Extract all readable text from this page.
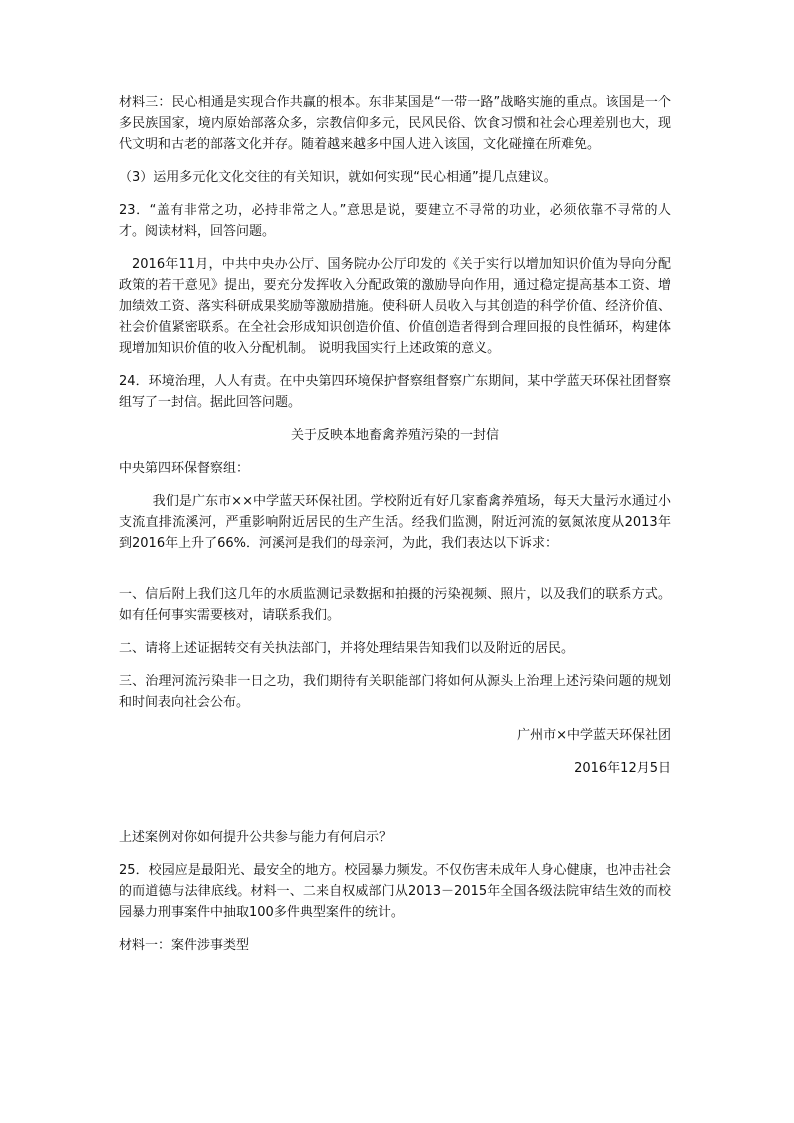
材料三：民心相通是实现合作共赢的根本。东非某国是“一带一路”战略实施的重点。该国是一个多民族国家，境内原始部落众多，宗教信仰多元，民风民俗、饮食习惯和社会心理差别也大，现代文明和古老的部落文化并存。随着越来越多中国人进入该国，文化碰撞在所难免。

（3）运用多元化文化交往的有关知识，就如何实现“民心相通”提几点建议。

23．“盖有非常之功，必持非常之人。”意思是说，要建立不寻常的功业，必须依靠不寻常的人才。阅读材料，回答问题。

2016年11月，中共中央办公厅、国务院办公厅印发的《关于实行以增加知识价值为导向分配政策的若干意见》提出，要充分发挥收入分配政策的激励导向作用，通过稳定提高基本工资、增加绩效工资、落实科研成果奖励等激励措施。使科研人员收入与其创造的科学价值、经济价值、社会价值紧密联系。在全社会形成知识创造价值、价值创造者得到合理回报的良性循环，构建体现增加知识价值的收入分配机制。 说明我国实行上述政策的意义。

24．环境治理，人人有责。在中央第四环境保护督察组督察广东期间，某中学蓝天环保社团督察组写了一封信。据此回答问题。

关于反映本地畜禽养殖污染的一封信

中央第四环保督察组：

我们是广东市××中学蓝天环保社团。学校附近有好几家畜禽养殖场，每天大量污水通过小支流直排流溪河，严重影响附近居民的生产生活。经我们监测，附近河流的氨氮浓度从2013年到2016年上升了66%．河溪河是我们的母亲河，为此，我们表达以下诉求：

一、信后附上我们这几年的水质监测记录数据和拍摄的污染视频、照片，以及我们的联系方式。 如有任何事实需要核对，请联系我们。

二、请将上述证据转交有关执法部门，并将处理结果告知我们以及附近的居民。

三、治理河流污染非一日之功，我们期待有关职能部门将如何从源头上治理上述污染问题的规划和时间表向社会公布。

广州市×中学蓝天环保社团

2016年12月5日

上述案例对你如何提升公共参与能力有何启示？

25．校园应是最阳光、最安全的地方。校园暴力频发。不仅伤害未成年人身心健康，也冲击社会的而道德与法律底线。材料一、二来自权威部门从2013－2015年全国各级法院审结生效的而校园暴力刑事案件中抽取100多件典型案件的统计。

材料一：案件涉事类型
